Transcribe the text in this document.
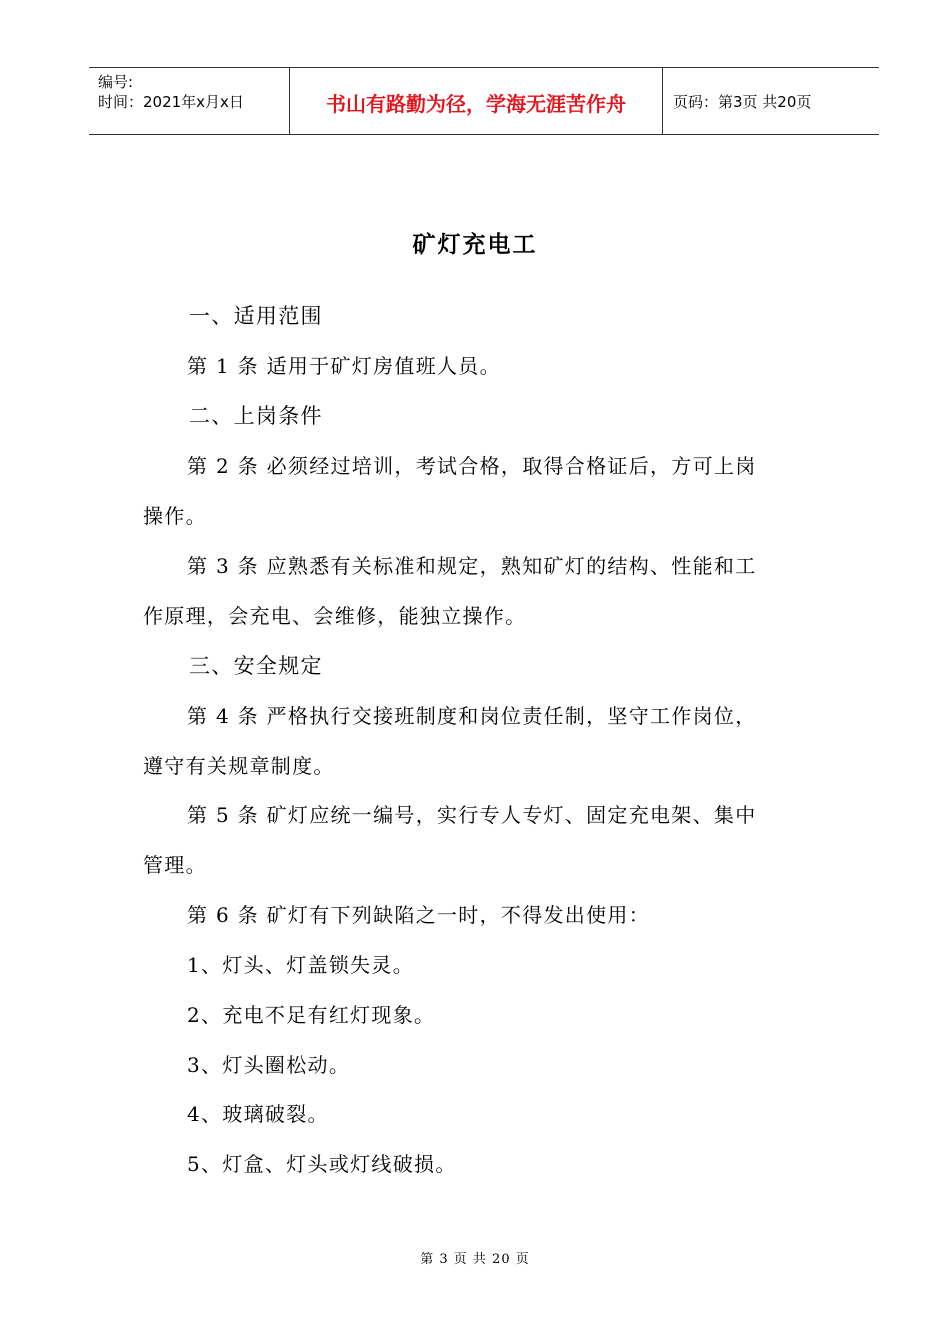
编号:
时间：2021年x月x日	书山有路勤为径，学海无涯苦作舟	页码：第3页 共20页
矿灯充电工

一、适用范围

第 1 条 适用于矿灯房值班人员。

二、上岗条件

第 2 条 必须经过培训，考试合格，取得合格证后，方可上岗

操作。

第 3 条 应熟悉有关标准和规定，熟知矿灯的结构、性能和工

作原理，会充电、会维修，能独立操作。

三、安全规定

第 4 条 严格执行交接班制度和岗位责任制，坚守工作岗位，

遵守有关规章制度。

第 5 条 矿灯应统一编号，实行专人专灯、固定充电架、集中

管理。

第 6 条 矿灯有下列缺陷之一时，不得发出使用：

1、灯头、灯盖锁失灵。

2、充电不足有红灯现象。

3、灯头圈松动。

4、玻璃破裂。

5、灯盒、灯头或灯线破损。

第 3 页 共 20 页
